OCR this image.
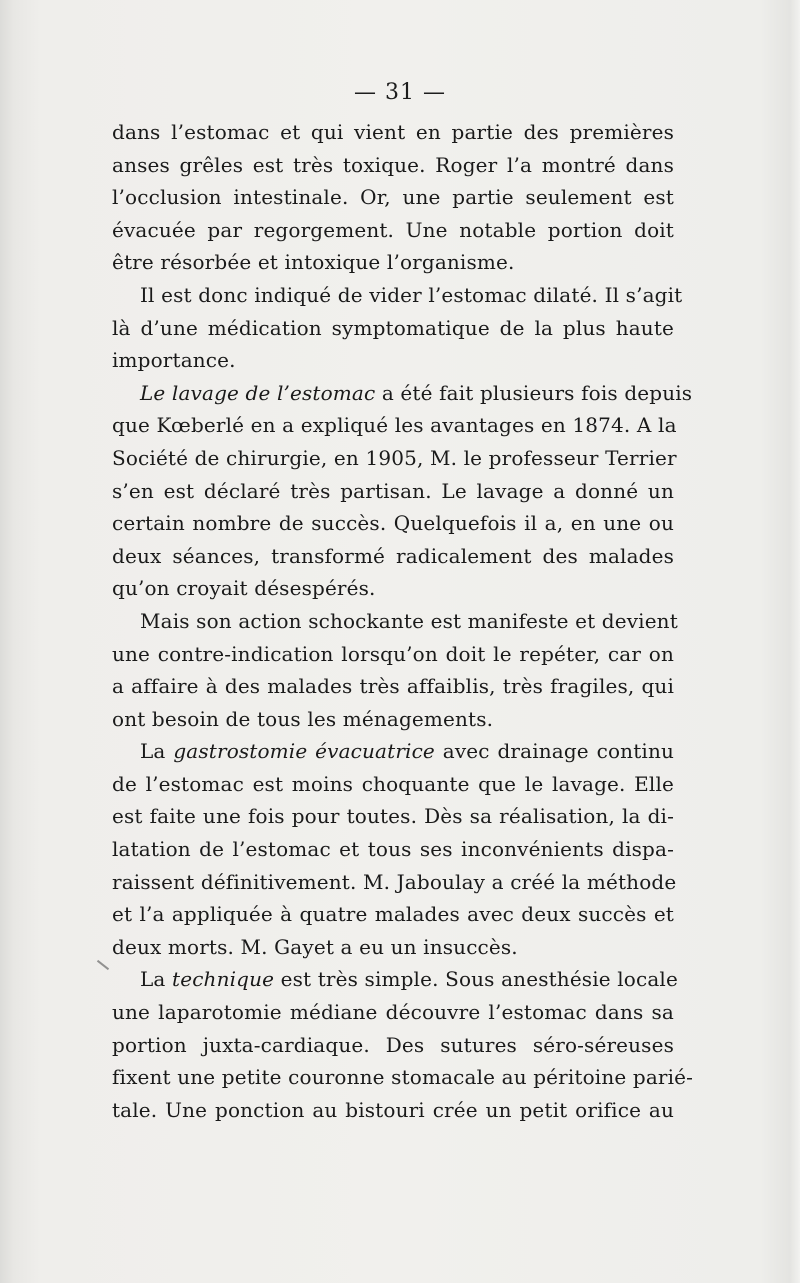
— 31 —
dans l’estomac et qui vient en partie des premières
anses grêles est très toxique. Roger l’a montré dans
l’occlusion intestinale. Or, une partie seulement est
évacuée par regorgement. Une notable portion doit
être résorbée et intoxique l’organisme.
Il est donc indiqué de vider l’estomac dilaté. Il s’agit
là d’une médication symptomatique de la plus haute
importance.
Le lavage de l’estomac a été fait plusieurs fois depuis
que Kœberlé en a expliqué les avantages en 1874. A la
Société de chirurgie, en 1905, M. le professeur Terrier
s’en est déclaré très partisan. Le lavage a donné un
certain nombre de succès. Quelquefois il a, en une ou
deux séances, transformé radicalement des malades
qu’on croyait désespérés.
Mais son action schockante est manifeste et devient
une contre-indication lorsqu’on doit le repéter, car on
a affaire à des malades très affaiblis, très fragiles, qui
ont besoin de tous les ménagements.
La gastrostomie évacuatrice avec drainage continu
de l’estomac est moins choquante que le lavage. Elle
est faite une fois pour toutes. Dès sa réalisation, la di-
latation de l’estomac et tous ses inconvénients dispa-
raissent définitivement. M. Jaboulay a créé la méthode
et l’a appliquée à quatre malades avec deux succès et
deux morts. M. Gayet a eu un insuccès.
La technique est très simple. Sous anesthésie locale
une laparotomie médiane découvre l’estomac dans sa
portion juxta-cardiaque. Des sutures séro-séreuses
fixent une petite couronne stomacale au péritoine parié-
tale. Une ponction au bistouri crée un petit orifice au
